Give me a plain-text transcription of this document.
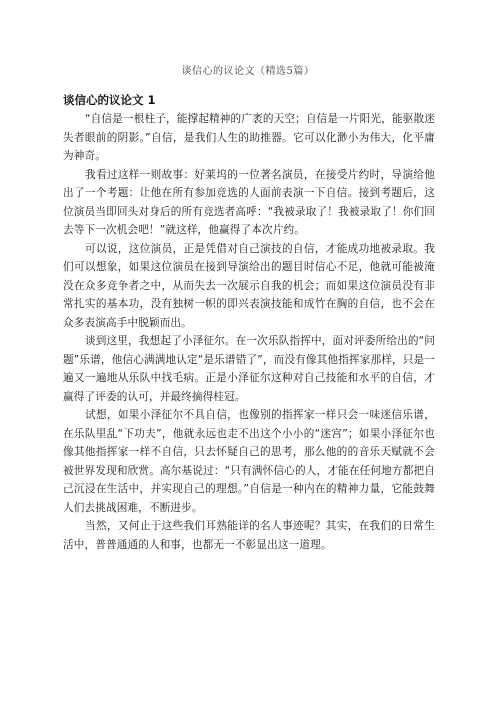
谈信心的议论文（精选5篇）
谈信心的议论文 1

“自信是一根柱子，能撑起精神的广袤的天空；自信是一片阳光，能驱散迷失者眼前的阴影。”自信，是我们人生的助推器。它可以化渺小为伟大，化平庸为神奇。

我看过这样一则故事：好莱坞的一位著名演员，在接受片约时，导演给他出了一个考题：让他在所有参加竞选的人面前表演一下自信。接到考题后，这位演员当即回头对身后的所有竞选者高呼：“我被录取了！我被录取了！你们回去等下一次机会吧！”就这样，他赢得了本次片约。

可以说，这位演员，正是凭借对自己演技的自信，才能成功地被录取。我们可以想象，如果这位演员在接到导演给出的题目时信心不足，他就可能被淹没在众多竞争者之中，从而失去一次展示自我的机会；而如果这位演员没有非常扎实的基本功，没有独树一帜的即兴表演技能和成竹在胸的自信，也不会在众多表演高手中脱颖而出。

谈到这里，我想起了小泽征尔。在一次乐队指挥中，面对评委所给出的“问题”乐谱，他信心满满地认定“是乐谱错了”，而没有像其他指挥家那样，只是一遍又一遍地从乐队中找毛病。正是小泽征尔这种对自己技能和水平的自信，才赢得了评委的认可，并最终摘得桂冠。

试想，如果小泽征尔不具自信，也像别的指挥家一样只会一味迷信乐谱，在乐队里乱“下功夫”，他就永远也走不出这个小小的“迷宫”；如果小泽征尔也像其他指挥家一样不自信，只去怀疑自己的思考，那么他的的音乐天赋就不会被世界发现和欣赏。高尔基说过：“只有满怀信心的人，才能在任何地方都把自己沉浸在生活中，并实现自己的理想。”自信是一种内在的精神力量，它能鼓舞人们去挑战困难，不断进步。

当然，又何止于这些我们耳熟能详的名人事迹呢？其实，在我们的日常生活中，普普通通的人和事，也都无一不彰显出这一道理。
